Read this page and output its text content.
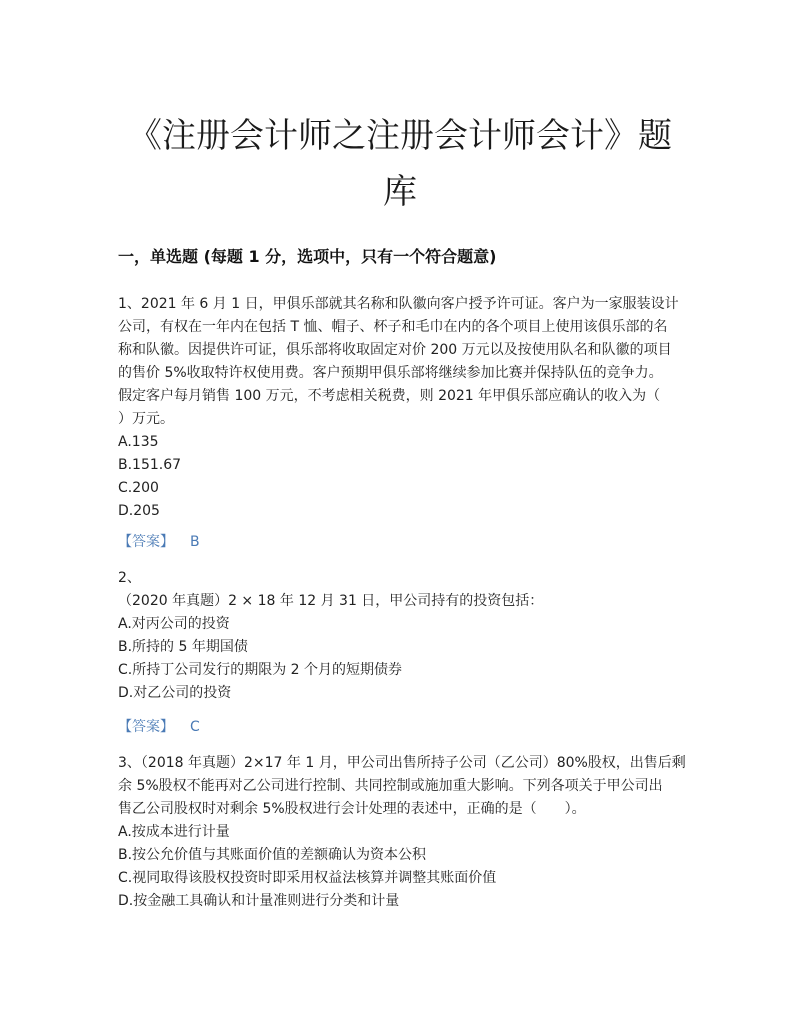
《注册会计师之注册会计师会计》题
库
一，单选题 (每题 1 分，选项中，只有一个符合题意)
1、2021 年 6 月 1 日，甲俱乐部就其名称和队徽向客户授予许可证。客户为一家服装设计
公司，有权在一年内在包括 T 恤、帽子、杯子和毛巾在内的各个项目上使用该俱乐部的名
称和队徽。因提供许可证，俱乐部将收取固定对价 200 万元以及按使用队名和队徽的项目
的售价 5%收取特许权使用费。客户预期甲俱乐部将继续参加比赛并保持队伍的竞争力。
假定客户每月销售 100 万元，不考虑相关税费，则 2021 年甲俱乐部应确认的收入为（
）万元。
A.135
B.151.67
C.200
D.205
【答案】 B
2、
（2020 年真题）2 × 18 年 12 月 31 日，甲公司持有的投资包括：
A.对丙公司的投资
B.所持的 5 年期国债
C.所持丁公司发行的期限为 2 个月的短期债券
D.对乙公司的投资
【答案】 C
3、（2018 年真题）2×17 年 1 月，甲公司出售所持子公司（乙公司）80%股权，出售后剩
余 5%股权不能再对乙公司进行控制、共同控制或施加重大影响。下列各项关于甲公司出
售乙公司股权时对剩余 5%股权进行会计处理的表述中，正确的是（　　）。
A.按成本进行计量
B.按公允价值与其账面价值的差额确认为资本公积
C.视同取得该股权投资时即采用权益法核算并调整其账面价值
D.按金融工具确认和计量准则进行分类和计量
